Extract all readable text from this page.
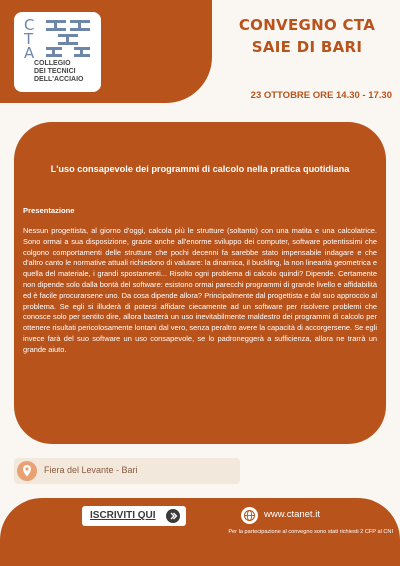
C
T
A
COLLEGIO
DEI TECNICI
DELL'ACCIAIO
CONVEGNO CTA
SAIE DI BARI
23 OTTOBRE ORE 14.30 - 17.30
L'uso consapevole dei programmi di calcolo nella pratica quotidiana
Presentazione
Nessun progettista, al giorno d'oggi, calcola più le strutture (soltanto) con una matita e una calcolatrice. Sono ormai a sua disposizione, grazie anche all'enorme sviluppo dei computer, software potentissimi che colgono comportamenti delle strutture che pochi decenni fa sarebbe stato impensabile indagare e che d'altro canto le normative attuali richiedono di valutare: la dinamica, il buckling, la non linearità geometrica e quella del materiale, i grandi spostamenti... Risolto ogni problema di calcolo quindi? Dipende. Certamente non dipende solo dalla bontà del software: esistono ormai parecchi programmi di grande livello e affidabilità ed è facile procurarsene uno. Da cosa dipende allora? Principalmente dal progettista e dal suo approccio al problema. Se egli si illuderà di potersi affidare ciecamente ad un software per risolvere problemi che conosce solo per sentito dire, allora basterà un uso inevitabilmente maldestro dei programmi di calcolo per ottenere risultati pericolosamente lontani dal vero, senza peraltro avere la capacità di accorgersene. Se egli invece farà del suo software un uso consapevole, se lo padroneggerà a sufficienza, allora ne trarrà un grande aiuto.
Fiera del Levante - Bari
ISCRIVITI QUI	www.ctanet.it
Per la partecipazione al convegno sono stati richiesti 2 CFP al CNI
